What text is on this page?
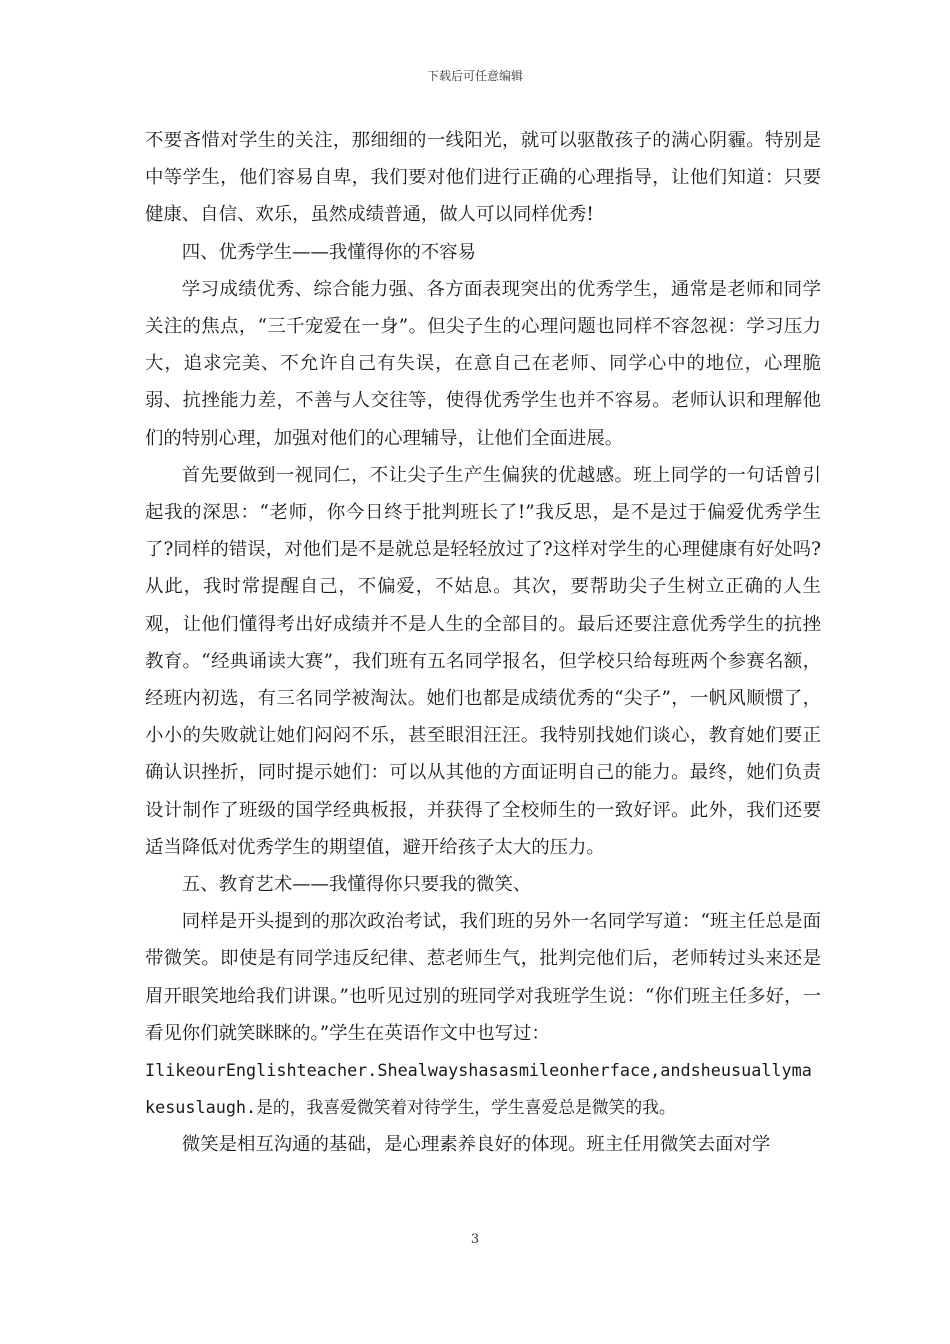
下载后可任意编辑

不要吝惜对学生的关注，那细细的一线阳光，就可以驱散孩子的满心阴霾。特别是中等学生，他们容易自卑，我们要对他们进行正确的心理指导，让他们知道：只要健康、自信、欢乐，虽然成绩普通，做人可以同样优秀!

四、优秀学生——我懂得你的不容易

学习成绩优秀、综合能力强、各方面表现突出的优秀学生，通常是老师和同学关注的焦点，“三千宠爱在一身”。但尖子生的心理问题也同样不容忽视：学习压力大，追求完美、不允许自己有失误，在意自己在老师、同学心中的地位，心理脆弱、抗挫能力差，不善与人交往等，使得优秀学生也并不容易。老师认识和理解他们的特别心理，加强对他们的心理辅导，让他们全面进展。

首先要做到一视同仁，不让尖子生产生偏狭的优越感。班上同学的一句话曾引起我的深思：“老师，你今日终于批判班长了!”我反思，是不是过于偏爱优秀学生了?同样的错误，对他们是不是就总是轻轻放过了?这样对学生的心理健康有好处吗?从此，我时常提醒自己，不偏爱，不姑息。其次，要帮助尖子生树立正确的人生观，让他们懂得考出好成绩并不是人生的全部目的。最后还要注意优秀学生的抗挫教育。“经典诵读大赛”，我们班有五名同学报名，但学校只给每班两个参赛名额，经班内初选，有三名同学被淘汰。她们也都是成绩优秀的“尖子”，一帆风顺惯了，小小的失败就让她们闷闷不乐，甚至眼泪汪汪。我特别找她们谈心，教育她们要正确认识挫折，同时提示她们：可以从其他的方面证明自己的能力。最终，她们负责设计制作了班级的国学经典板报，并获得了全校师生的一致好评。此外，我们还要适当降低对优秀学生的期望值，避开给孩子太大的压力。

五、教育艺术——我懂得你只要我的微笑、

同样是开头提到的那次政治考试，我们班的另外一名同学写道：“班主任总是面带微笑。即使是有同学违反纪律、惹老师生气，批判完他们后，老师转过头来还是眉开眼笑地给我们讲课。”也听见过别的班同学对我班学生说：“你们班主任多好，一看见你们就笑眯眯的。”学生在英语作文中也写过：

IlikeourEnglishteacher.Shealwayshasasmileonherface,andsheusuallymakesuslaugh.是的，我喜爱微笑着对待学生，学生喜爱总是微笑的我。

微笑是相互沟通的基础，是心理素养良好的体现。班主任用微笑去面对学

3
